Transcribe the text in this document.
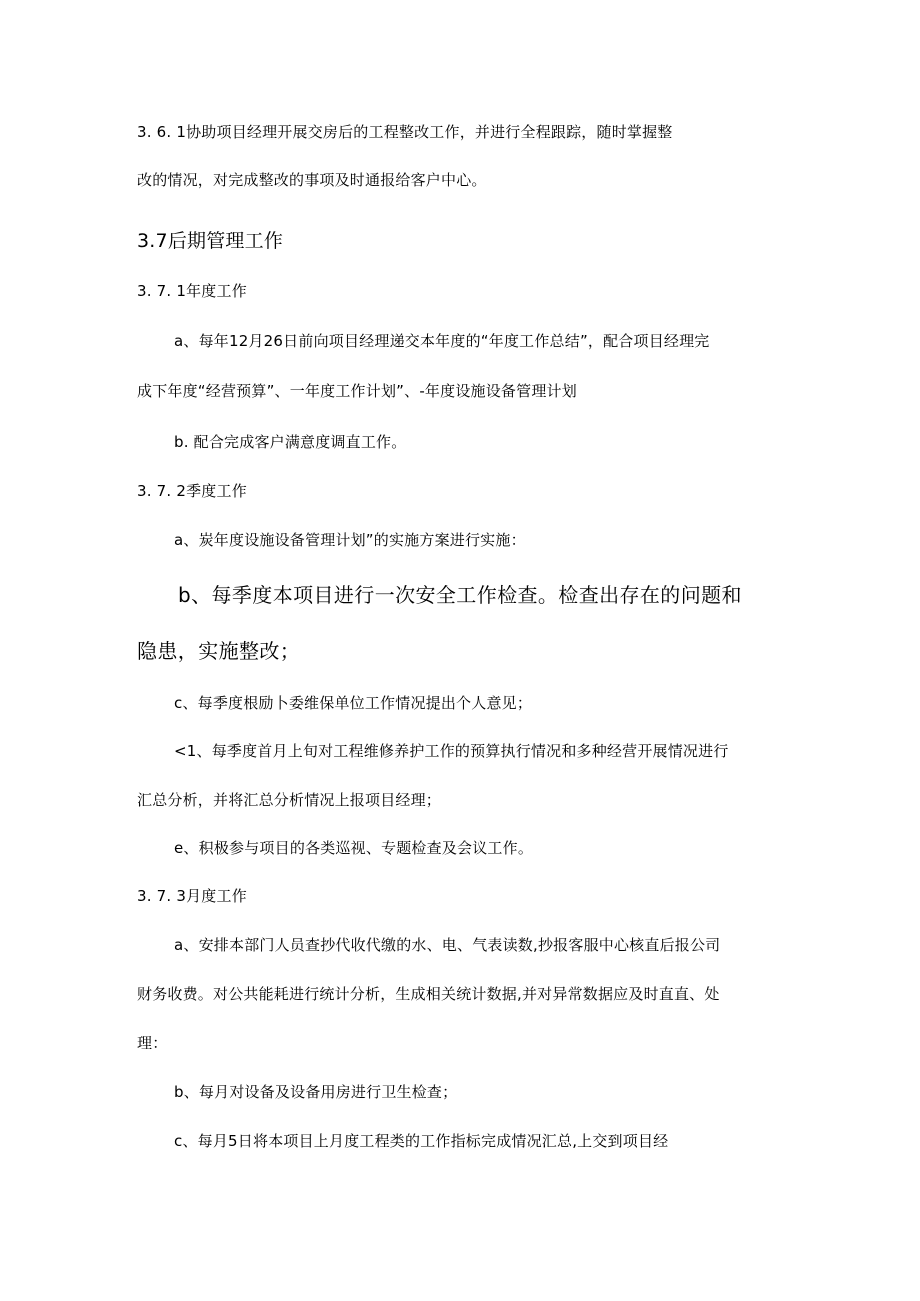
3. 6. 1协助项目经理开展交房后的工程整改工作，并进行全程跟踪，随时掌握整
改的情况，对完成整改的事项及时通报给客户中心。
3.7后期管理工作
3. 7. 1年度工作
a、每年12月26日前向项目经理递交本年度的“年度工作总结”，配合项目经理完
成下年度“经营预算”、一年度工作计划”、-年度设施设备管理计划
b. 配合完成客户满意度调直工作。
3. 7. 2季度工作
a、炭年度设施设备管理计划”的实施方案进行实施：
b、每季度本项目进行一次安全工作检查。检查出存在的问题和
隐患，实施整改；
c、每季度根励卜委维保单位工作情况提出个人意见；
<1、每季度首月上旬对工程维修养护工作的预算执行情况和多种经营开展情况进行
汇总分析，并将汇总分析情况上报项目经理；
e、积极参与项目的各类巡视、专题检查及会议工作。
3. 7. 3月度工作
a、安排本部门人员查抄代收代缴的水、电、气表读数,抄报客服中心核直后报公司
财务收费。对公共能耗进行统计分析，生成相关统计数据,并对异常数据应及时直直、处
理：
b、每月对设备及设备用房进行卫生检查；
c、每月5日将本项目上月度工程类的工作指标完成情况汇总,上交到项目经
